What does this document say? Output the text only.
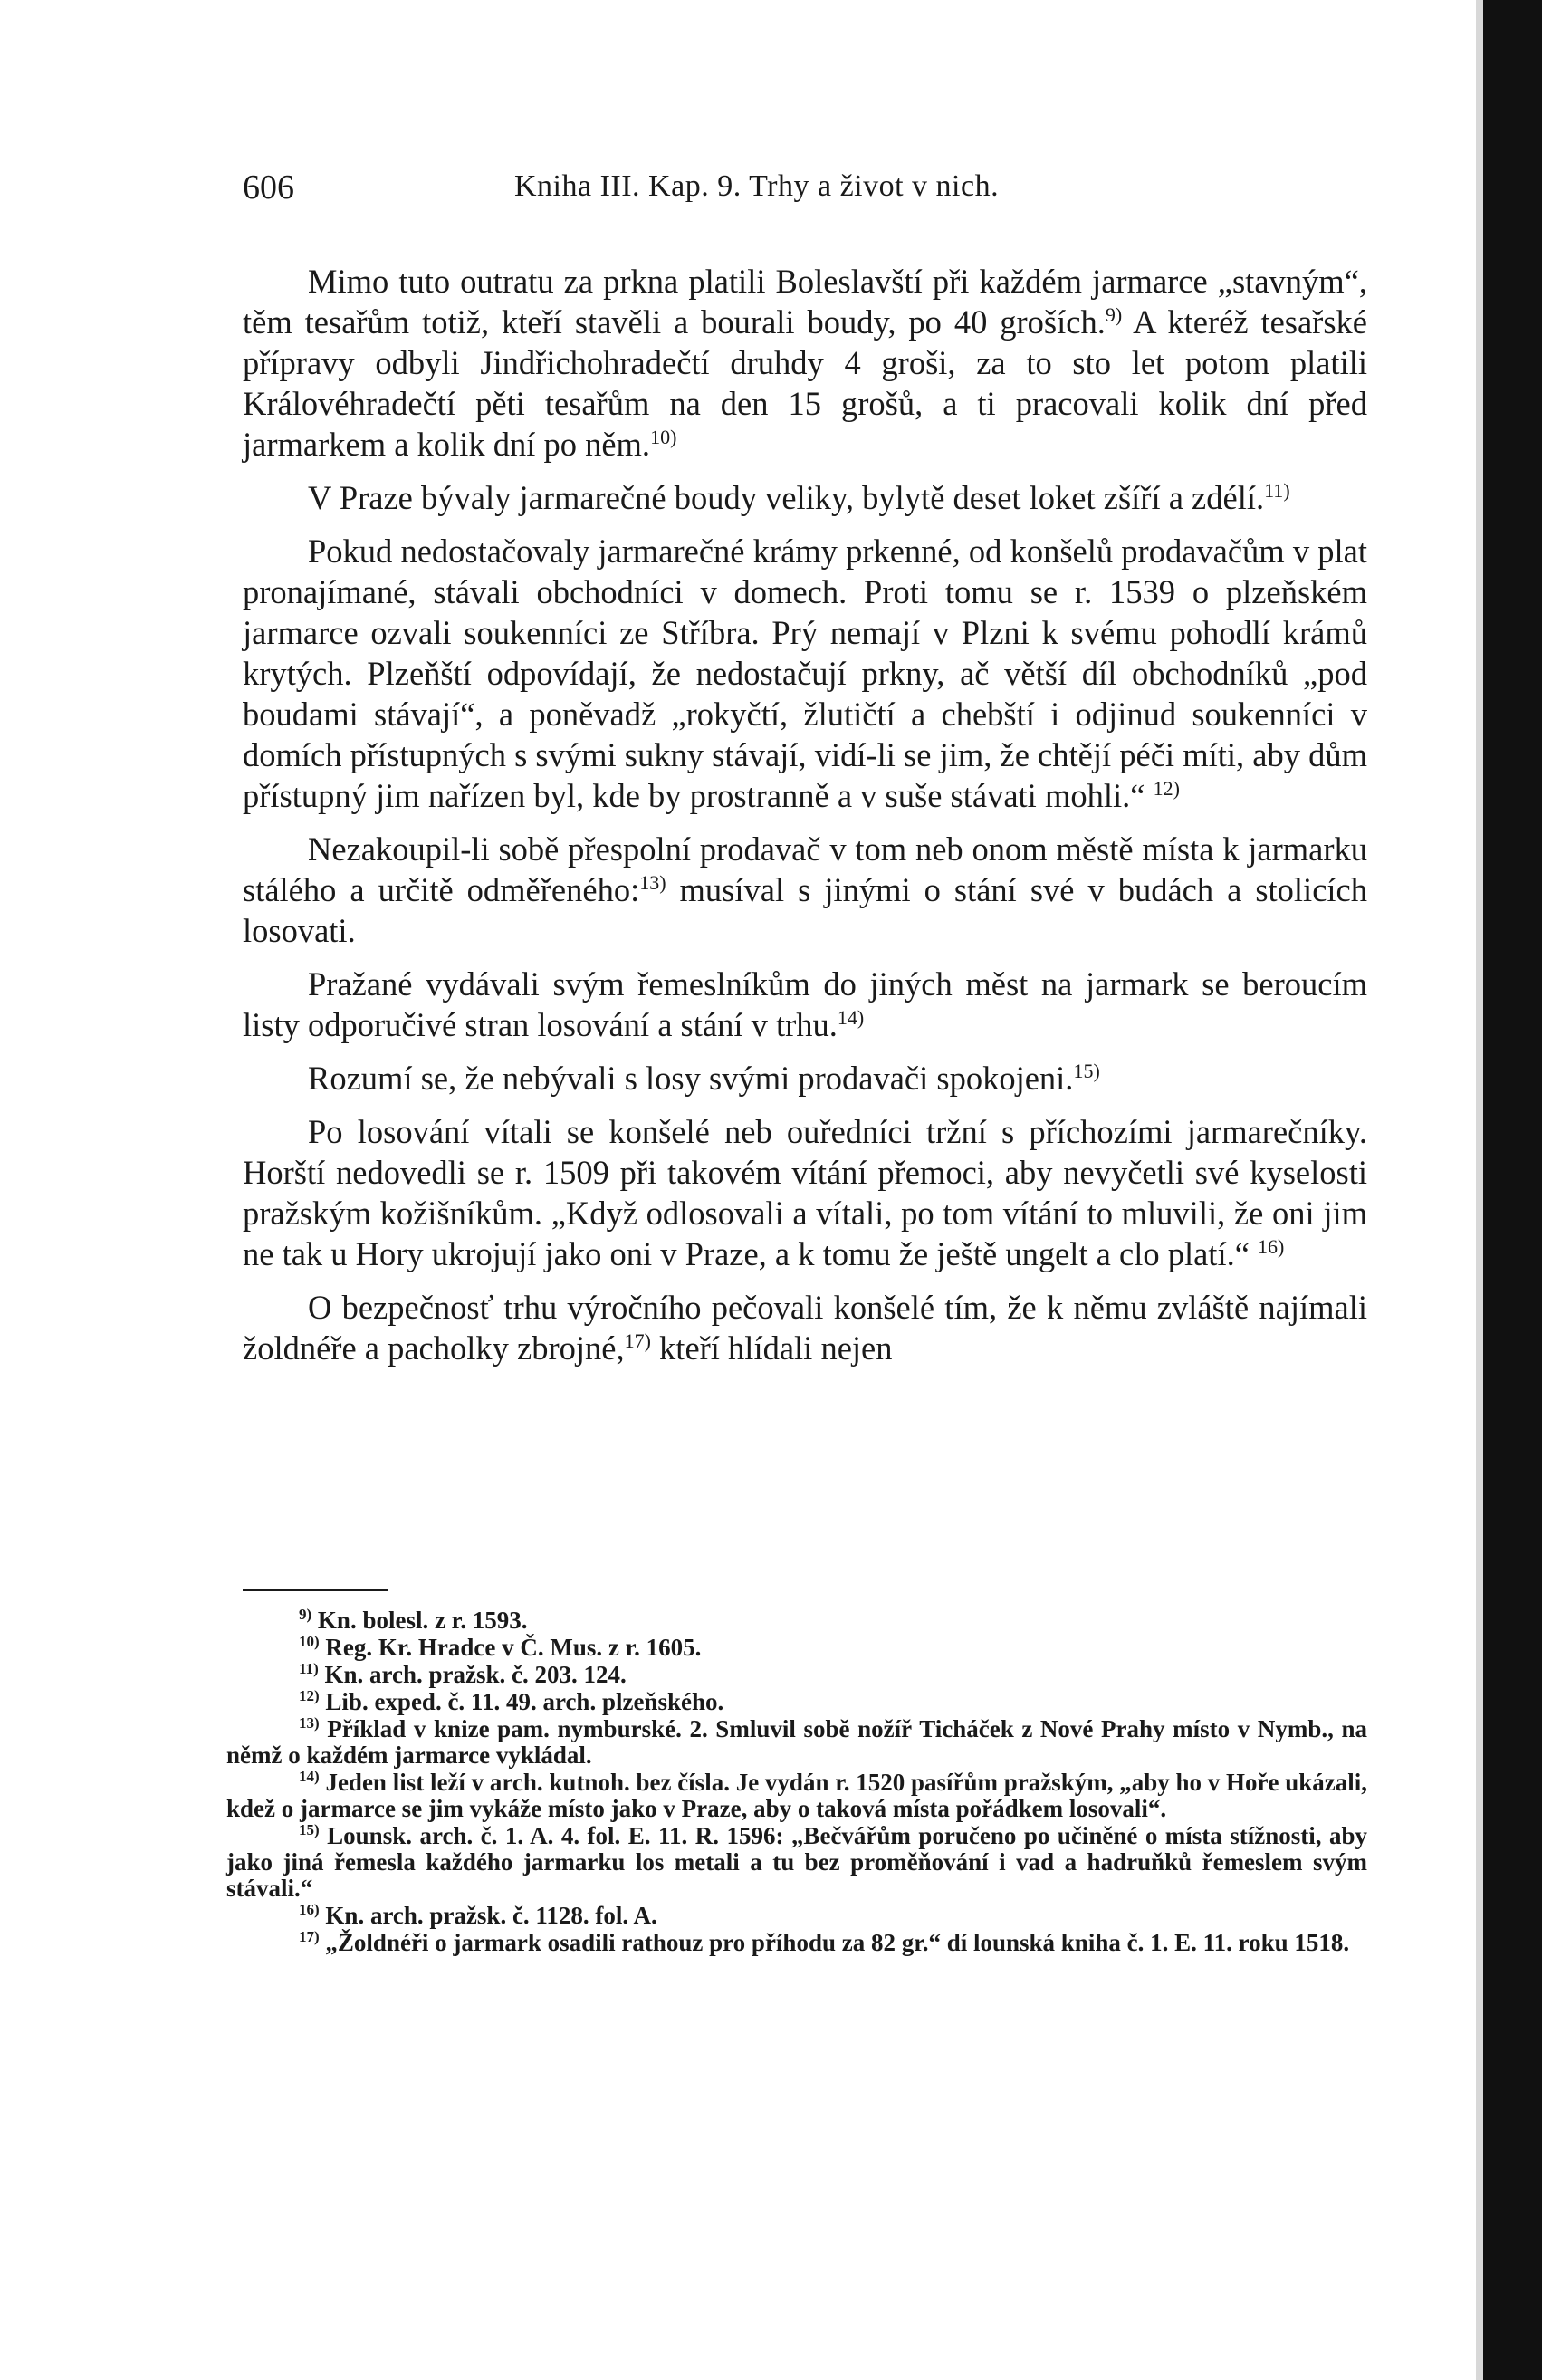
606	Kniha III. Kap. 9. Trhy a život v nich.

Mimo tuto outratu za prkna platili Boleslavští při každém jarmarce „stavným“, těm tesařům totiž, kteří stavěli a bourali boudy, po 40 groších.$^{9)}$ A kteréž tesařské přípravy odbyli Jindřichohradečtí druhdy 4 groši, za to sto let potom platili Královéhradečtí pěti tesařům na den 15 grošů, a ti pracovali kolik dní před jarmarkem a kolik dní po něm.$^{10)}$

V Praze bývaly jarmarečné boudy veliky, bylytě deset loket zšíří a zdélí.$^{11)}$

Pokud nedostačovaly jarmarečné krámy prkenné, od konšelů prodavačům v plat pronajímané, stávali obchodníci v domech. Proti tomu se r. 1539 o plzeňském jarmarce ozvali soukenníci ze Stříbra. Prý nemají v Plzni k svému pohodlí krámů krytých. Plzeňští odpovídají, že nedostačují prkny, ač větší díl obchodníků „pod boudami stávají“, a poněvadž „rokyčtí, žlutičtí a chebští i odjinud soukenníci v domích přístupných s svými sukny stávají, vidí-li se jim, že chtějí péči míti, aby dům přístupný jim nařízen byl, kde by prostranně a v suše stávati mohli.“ $^{12)}$

Nezakoupil-li sobě přespolní prodavač v tom neb onom městě místa k jarmarku stálého a určitě odměřeného:$^{13)}$ musíval s jinými o stání své v budách a stolicích losovati.

Pražané vydávali svým řemeslníkům do jiných měst na jarmark se beroucím listy odporučivé stran losování a stání v trhu.$^{14)}$

Rozumí se, že nebývali s losy svými prodavači spokojeni.$^{15)}$

Po losování vítali se konšelé neb ouředníci tržní s příchozími jarmarečníky. Horští nedovedli se r. 1509 při takovém vítání přemoci, aby nevyčetli své kyselosti pražským kožišníkům. „Když odlosovali a vítali, po tom vítání to mluvili, že oni jim ne tak u Hory ukrojují jako oni v Praze, a k tomu že ještě ungelt a clo platí.“ $^{16)}$

O bezpečnosť trhu výročního pečovali konšelé tím, že k němu zvláště najímali žoldnéře a pacholky zbrojné,$^{17)}$ kteří hlídali nejen

$^{9)}$ Kn. bolesl. z r. 1593.
$^{10)}$ Reg. Kr. Hradce v Č. Mus. z r. 1605.
$^{11)}$ Kn. arch. pražsk. č. 203. 124.
$^{12)}$ Lib. exped. č. 11. 49. arch. plzeňského.
$^{13)}$ Příklad v knize pam. nymburské. 2. Smluvil sobě nožíř Ticháček z Nové Prahy místo v Nymb., na němž o každém jarmarce vykládal.
$^{14)}$ Jeden list leží v arch. kutnoh. bez čísla. Je vydán r. 1520 pasířům pražským, „aby ho v Hoře ukázali, kdež o jarmarce se jim vykáže místo jako v Praze, aby o taková místa pořádkem losovali“.
$^{15)}$ Lounsk. arch. č. 1. A. 4. fol. E. 11. R. 1596: „Bečvářům poručeno po učiněné o místa stížnosti, aby jako jiná řemesla každého jarmarku los metali a tu bez proměňování i vad a hadruňků řemeslem svým stávali.“
$^{16)}$ Kn. arch. pražsk. č. 1128. fol. A.
$^{17)}$ „Žoldnéři o jarmark osadili rathouz pro příhodu za 82 gr.“ dí lounská kniha č. 1. E. 11. roku 1518.
